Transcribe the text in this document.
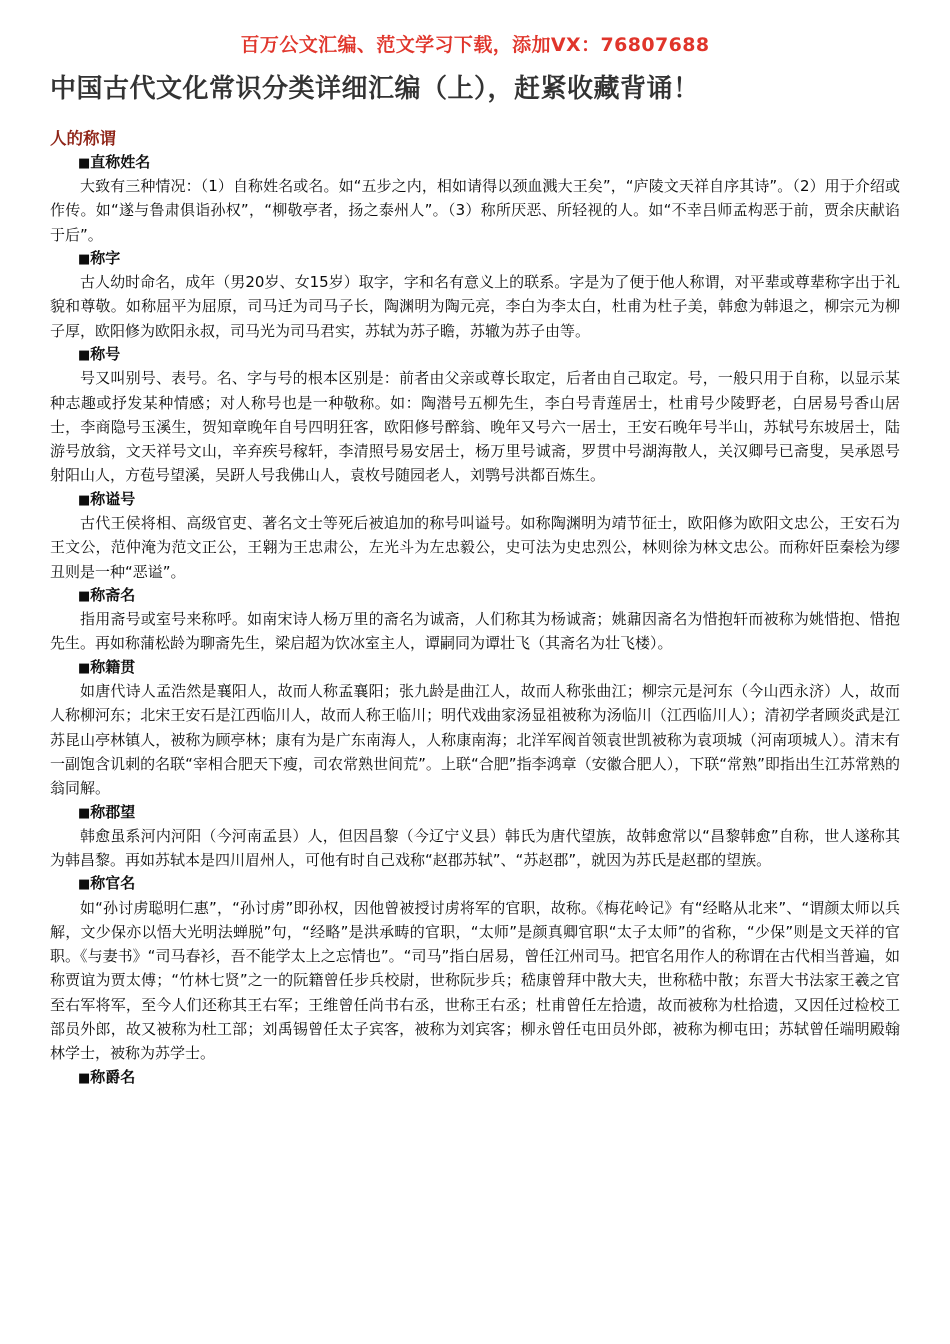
百万公文汇编、范文学习下载，添加VX：76807688
中国古代文化常识分类详细汇编（上），赶紧收藏背诵！
人的称谓
■直称姓名

大致有三种情况：（1）自称姓名或名。如“五步之内，相如请得以颈血溅大王矣”，“庐陵文天祥自序其诗”。（2）用于介绍或作传。如“遂与鲁肃俱诣孙权”，“柳敬亭者，扬之泰州人”。（3）称所厌恶、所轻视的人。如“不幸吕师孟构恶于前，贾余庆献谄于后”。

■称字

古人幼时命名，成年（男20岁、女15岁）取字，字和名有意义上的联系。字是为了便于他人称谓，对平辈或尊辈称字出于礼貌和尊敬。如称屈平为屈原，司马迁为司马子长，陶渊明为陶元亮，李白为李太白，杜甫为杜子美，韩愈为韩退之，柳宗元为柳子厚，欧阳修为欧阳永叔，司马光为司马君实，苏轼为苏子瞻，苏辙为苏子由等。

■称号

号又叫别号、表号。名、字与号的根本区别是：前者由父亲或尊长取定，后者由自己取定。号，一般只用于自称，以显示某种志趣或抒发某种情感；对人称号也是一种敬称。如：陶潜号五柳先生，李白号青莲居士，杜甫号少陵野老，白居易号香山居士，李商隐号玉溪生，贺知章晚年自号四明狂客，欧阳修号醉翁、晚年又号六一居士，王安石晚年号半山，苏轼号东坡居士，陆游号放翁，文天祥号文山，辛弃疾号稼轩，李清照号易安居士，杨万里号诚斋，罗贯中号湖海散人，关汉卿号已斋叟，吴承恩号射阳山人，方苞号望溪，吴趼人号我佛山人，袁枚号随园老人，刘鹗号洪都百炼生。

■称谥号

古代王侯将相、高级官吏、著名文士等死后被追加的称号叫谥号。如称陶渊明为靖节征士，欧阳修为欧阳文忠公，王安石为王文公，范仲淹为范文正公，王翱为王忠肃公，左光斗为左忠毅公，史可法为史忠烈公，林则徐为林文忠公。而称奸臣秦桧为缪丑则是一种“恶谥”。

■称斋名

指用斋号或室号来称呼。如南宋诗人杨万里的斋名为诚斋，人们称其为杨诚斋；姚鼐因斋名为惜抱轩而被称为姚惜抱、惜抱先生。再如称蒲松龄为聊斋先生，梁启超为饮冰室主人，谭嗣同为谭壮飞（其斋名为壮飞楼）。

■称籍贯

如唐代诗人孟浩然是襄阳人，故而人称孟襄阳；张九龄是曲江人，故而人称张曲江；柳宗元是河东（今山西永济）人，故而人称柳河东；北宋王安石是江西临川人，故而人称王临川；明代戏曲家汤显祖被称为汤临川（江西临川人）；清初学者顾炎武是江苏昆山亭林镇人，被称为顾亭林；康有为是广东南海人，人称康南海；北洋军阀首领袁世凯被称为袁项城（河南项城人）。清末有一副饱含讥刺的名联“宰相合肥天下瘦，司农常熟世间荒”。上联“合肥”指李鸿章（安徽合肥人），下联“常熟”即指出生江苏常熟的翁同解。

■称郡望

韩愈虽系河内河阳（今河南孟县）人，但因昌黎（今辽宁义县）韩氏为唐代望族，故韩愈常以“昌黎韩愈”自称，世人遂称其为韩昌黎。再如苏轼本是四川眉州人，可他有时自己戏称“赵郡苏轼”、“苏赵郡”，就因为苏氏是赵郡的望族。

■称官名

如“孙讨虏聪明仁惠”，“孙讨虏”即孙权，因他曾被授讨虏将军的官职，故称。《梅花岭记》有“经略从北来”、“谓颜太师以兵解，文少保亦以悟大光明法蝉脱”句，“经略”是洪承畴的官职，“太师”是颜真卿官职“太子太师”的省称，“少保”则是文天祥的官职。《与妻书》“司马春衫，吾不能学太上之忘情也”。“司马”指白居易，曾任江州司马。把官名用作人的称谓在古代相当普遍，如称贾谊为贾太傅；“竹林七贤”之一的阮籍曾任步兵校尉，世称阮步兵；嵇康曾拜中散大夫，世称嵇中散；东晋大书法家王羲之官至右军将军，至今人们还称其王右军；王维曾任尚书右丞，世称王右丞；杜甫曾任左拾遗，故而被称为杜拾遗，又因任过检校工部员外郎，故又被称为杜工部；刘禹锡曾任太子宾客，被称为刘宾客；柳永曾任屯田员外郎，被称为柳屯田；苏轼曾任端明殿翰林学士，被称为苏学士。

■称爵名
